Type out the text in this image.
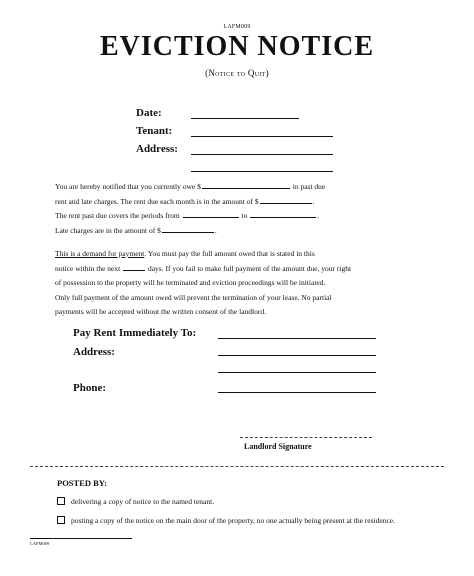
LAFM009
EVICTION NOTICE
(Notice to Quit)
Date:
Tenant:
Address:

You are hereby notified that you currently owe $	in past due

rent and late charges. The rent due each month is in the amount of $	.

The rent past due covers the periods from	to	.

Late charges are in the amount of $	.

This is a demand for payment. You must pay the full amount owed that is stated in this

notice within the next	days. If you fail to make full payment of the amount due, your right

of possession to the property will be terminated and eviction proceedings will be initiated.

Only full payment of the amount owed will prevent the termination of your lease. No partial

payments will be accepted without the written consent of the landlord.

Pay Rent Immediately To:
Address:
Phone:
Landlord Signature
POSTED BY:
delivering a copy of notice to the named tenant.
posting a copy of the notice on the main door of the property, no one actually being present at the residence.
LAFM009
